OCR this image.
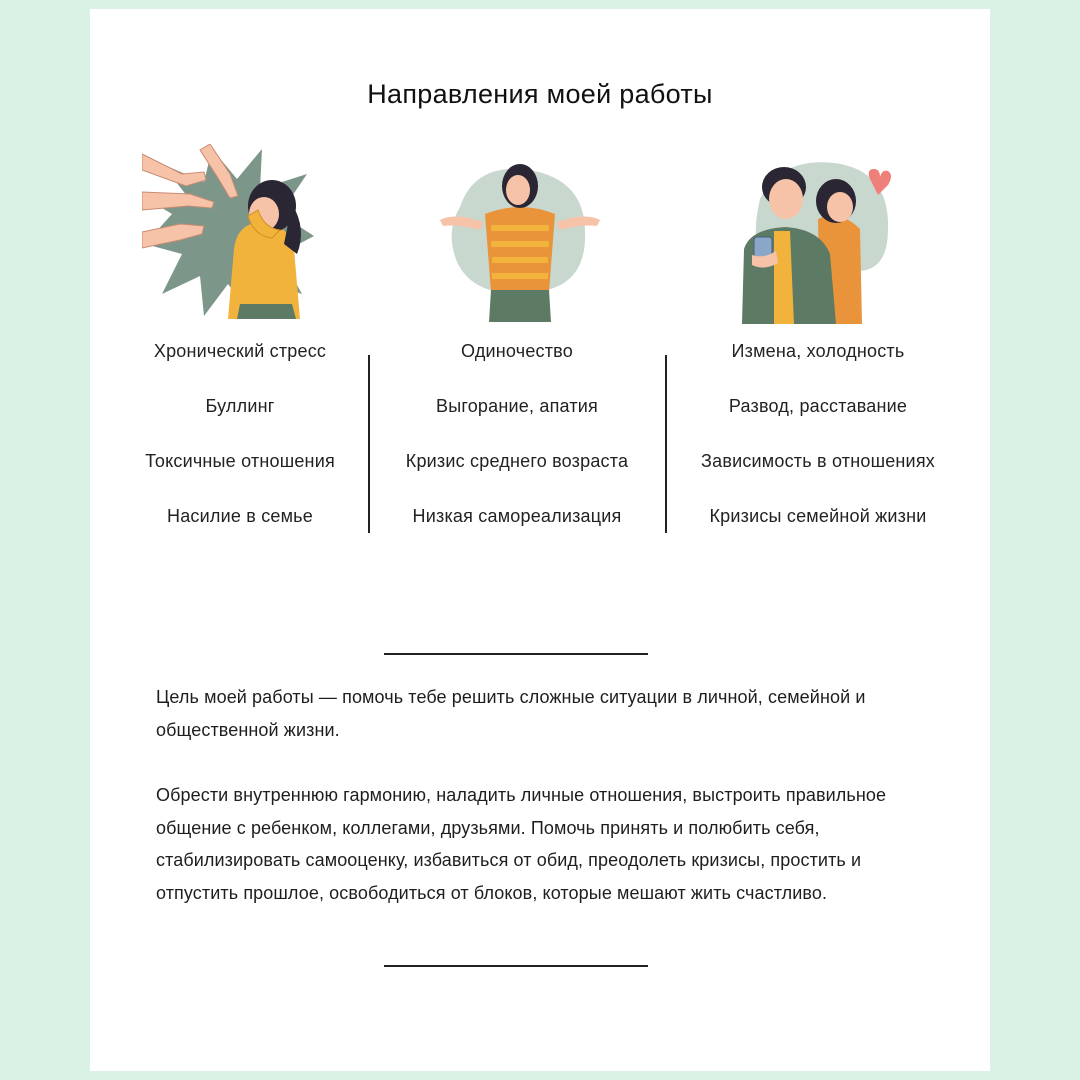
Направления моей работы
Хронический стресс
Буллинг
Токсичные отношения
Насилие в семье
Одиночество
Выгорание, апатия
Кризис среднего возраста
Низкая самореализация
Измена, холодность
Развод, расставание
Зависимость в отношениях
Кризисы семейной жизни

Цель моей работы — помочь тебе решить сложные ситуации в личной, семейной и общественной жизни.

Обрести внутреннюю гармонию, наладить личные отношения, выстроить правильное общение с ребенком, коллегами, друзьями. Помочь принять и полюбить себя, стабилизировать самооценку, избавиться от обид, преодолеть кризисы, простить и отпустить прошлое, освободиться от блоков, которые мешают жить счастливо.
